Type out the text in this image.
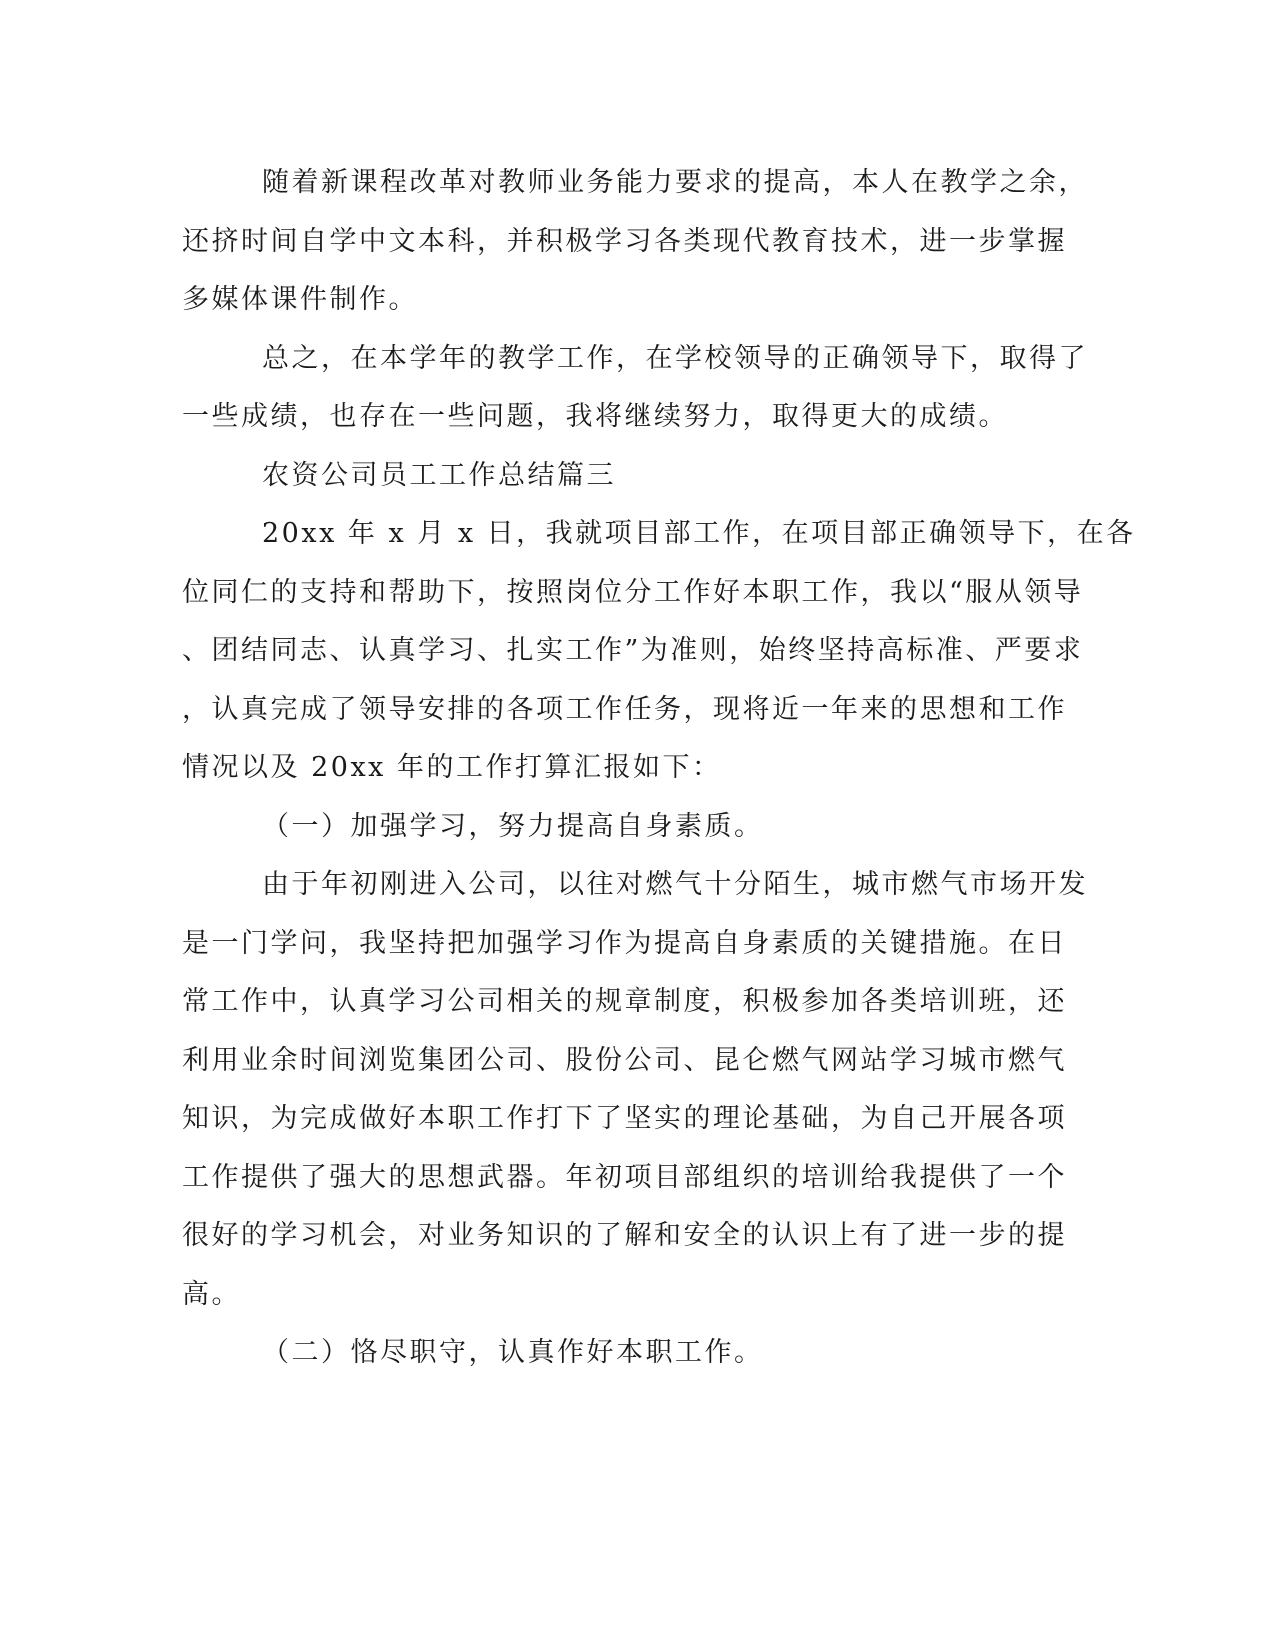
随着新课程改革对教师业务能力要求的提高，本人在教学之余，
还挤时间自学中文本科，并积极学习各类现代教育技术，进一步掌握
多媒体课件制作。
总之，在本学年的教学工作，在学校领导的正确领导下，取得了
一些成绩，也存在一些问题，我将继续努力，取得更大的成绩。
农资公司员工工作总结篇三
20xx 年 x 月 x 日，我就项目部工作，在项目部正确领导下，在各
位同仁的支持和帮助下，按照岗位分工作好本职工作，我以“服从领导
、团结同志、认真学习、扎实工作”为准则，始终坚持高标准、严要求
，认真完成了领导安排的各项工作任务，现将近一年来的思想和工作
情况以及 20xx 年的工作打算汇报如下：
（一）加强学习，努力提高自身素质。
由于年初刚进入公司，以往对燃气十分陌生，城市燃气市场开发
是一门学问，我坚持把加强学习作为提高自身素质的关键措施。在日
常工作中，认真学习公司相关的规章制度，积极参加各类培训班，还
利用业余时间浏览集团公司、股份公司、昆仑燃气网站学习城市燃气
知识，为完成做好本职工作打下了坚实的理论基础，为自己开展各项
工作提供了强大的思想武器。年初项目部组织的培训给我提供了一个
很好的学习机会，对业务知识的了解和安全的认识上有了进一步的提
高。
（二）恪尽职守，认真作好本职工作。
